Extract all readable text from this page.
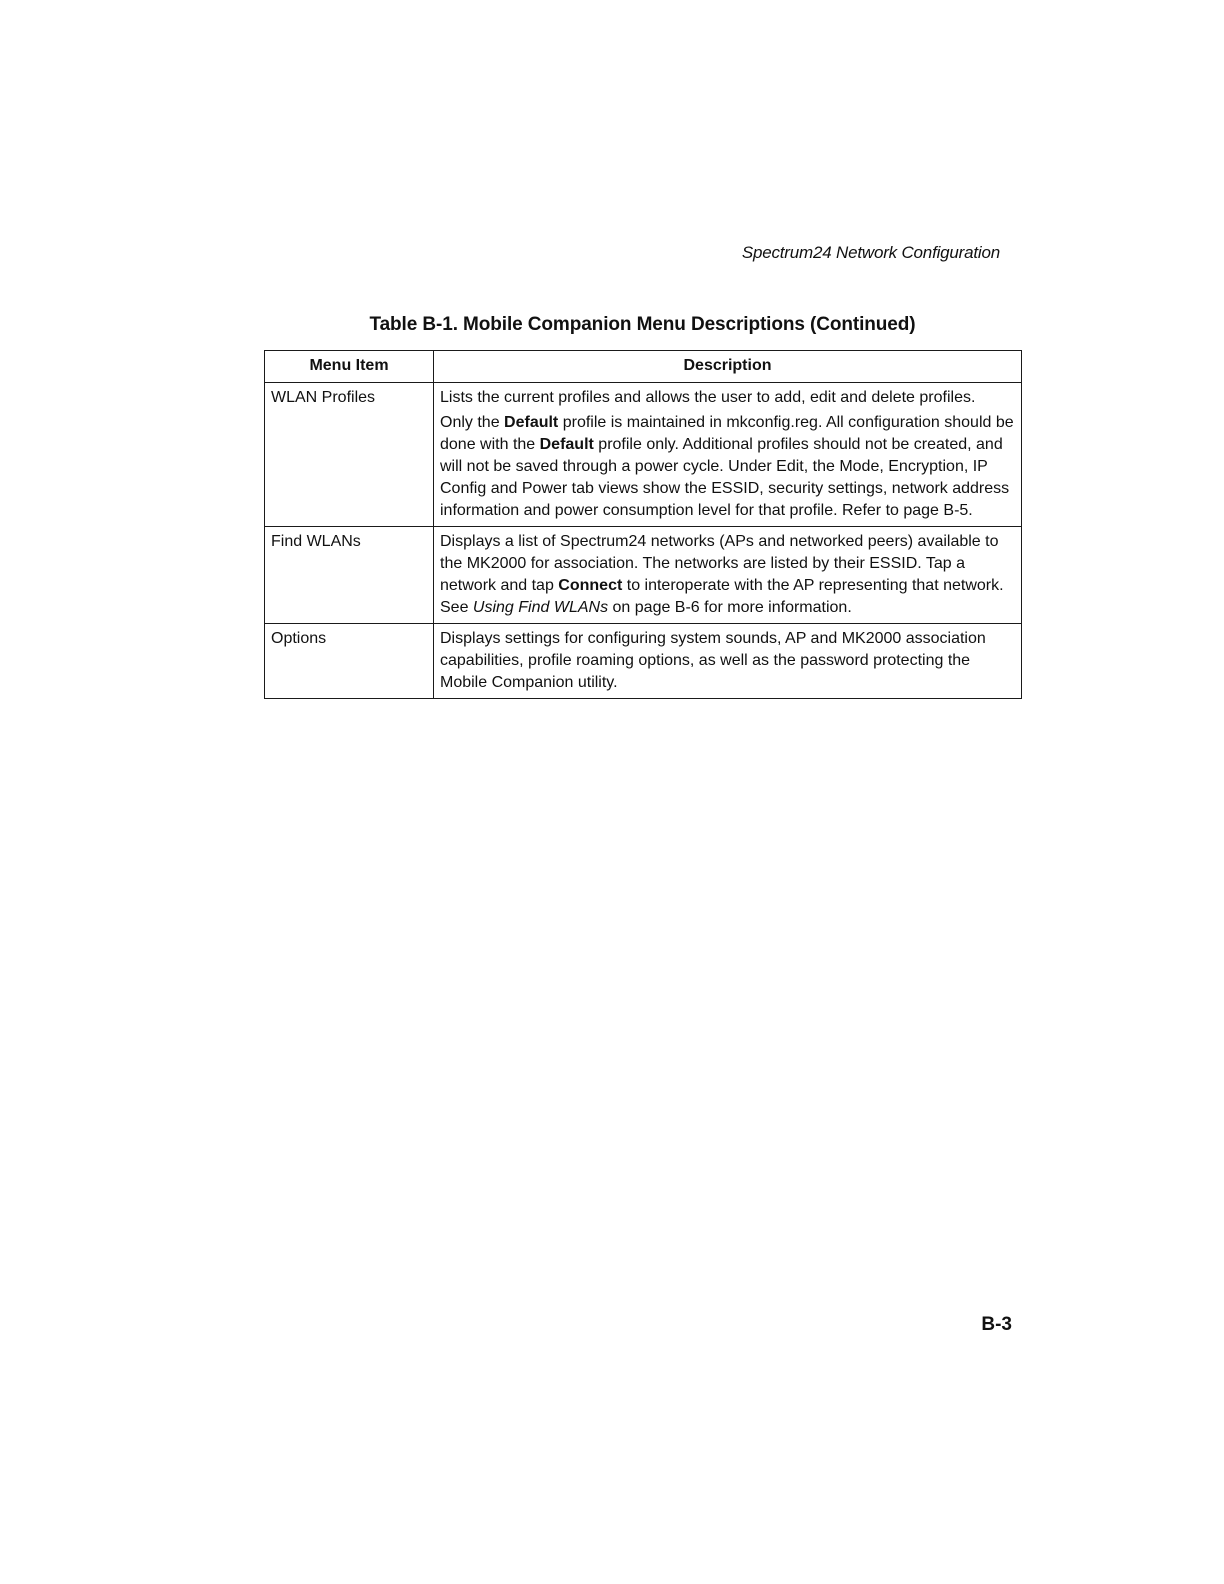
Spectrum24 Network Configuration
Table B-1. Mobile Companion Menu Descriptions (Continued)
Menu Item	Description
WLAN Profiles	Lists the current profiles and allows the user to add, edit and delete profiles.

Only the Default profile is maintained in mkconfig.reg. All configuration should be done with the Default profile only. Additional profiles should not be created, and will not be saved through a power cycle. Under Edit, the Mode, Encryption, IP Config and Power tab views show the ESSID, security settings, network address information and power consumption level for that profile. Refer to page B-5.

Find WLANs	Displays a list of Spectrum24 networks (APs and networked peers) available to the MK2000 for association. The networks are listed by their ESSID. Tap a network and tap Connect to interoperate with the AP representing that network. See Using Find WLANs on page B-6 for more information.

Options	Displays settings for configuring system sounds, AP and MK2000 association capabilities, profile roaming options, as well as the password protecting the Mobile Companion utility.

B-3
